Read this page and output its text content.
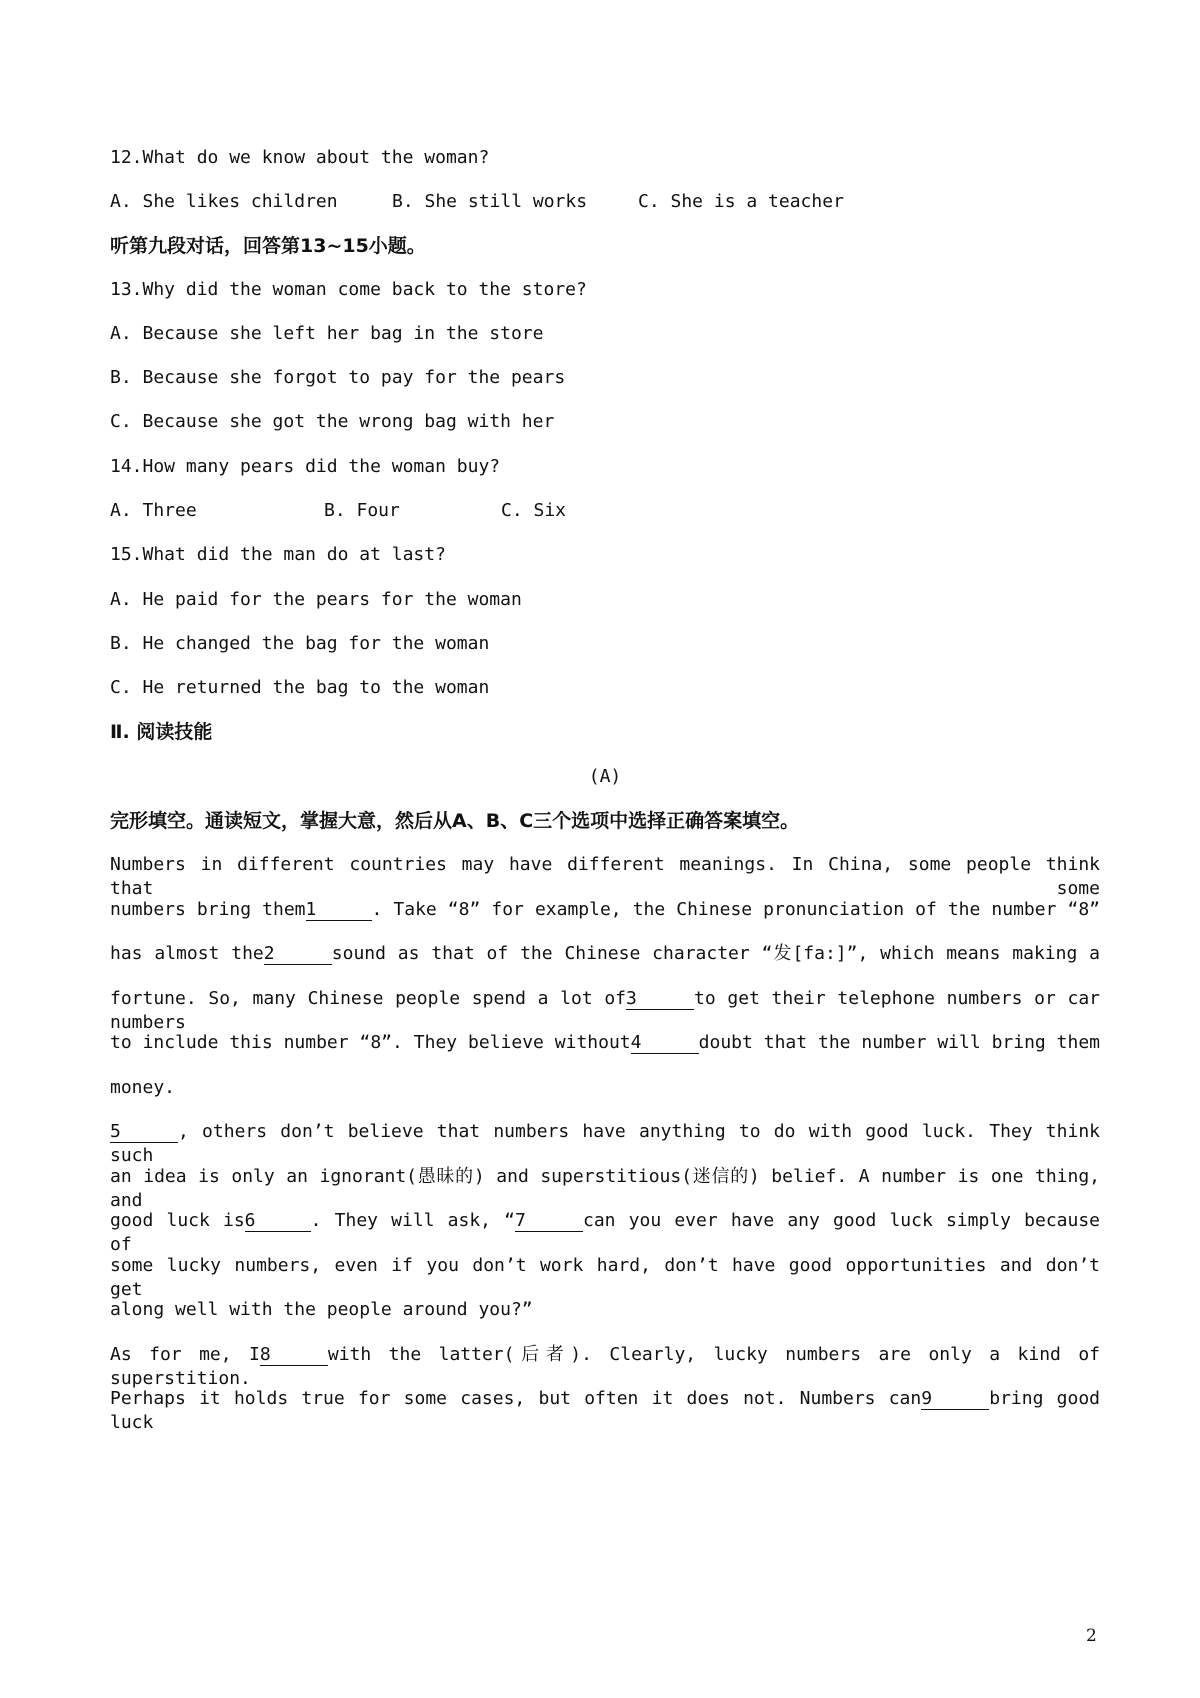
12.What do we know about the woman?
A. She likes children	B. She still works	C. She is a teacher
听第九段对话，回答第13~15小题。
13.Why did the woman come back to the store?
A. Because she left her bag in the store
B. Because she forgot to pay for the pears
C. Because she got the wrong bag with her
14.How many pears did the woman buy?
A. Three	B. Four	C. Six
15.What did the man do at last?
A. He paid for the pears for the woman
B. He changed the bag for the woman
C. He returned the bag to the woman
Ⅱ. 阅读技能
(A)
完形填空。通读短文，掌握大意，然后从A、B、C三个选项中选择正确答案填空。
Numbers in different countries may have different meanings. In China, some people think that some
numbers bring them1	. Take “8” for example, the Chinese pronunciation of the number “8”
has almost the2	sound as that of the Chinese character “发[fa:]”, which means making a
fortune. So, many Chinese people spend a lot of3	to get their telephone numbers or car numbers
to include this number “8”. They believe without4	doubt that the number will bring them
money.
5	, others don’t believe that numbers have anything to do with good luck. They think such
an idea is only an ignorant(愚昧的) and superstitious(迷信的) belief. A number is one thing, and
good luck is6	. They will ask, “7	can you ever have any good luck simply because of
some lucky numbers, even if you don’t work hard, don’t have good opportunities and don’t get
along well with the people around you?”
As for me, I8	with the latter(后者). Clearly, lucky numbers are only a kind of superstition.
Perhaps it holds true for some cases, but often it does not. Numbers can9	bring good luck
2
